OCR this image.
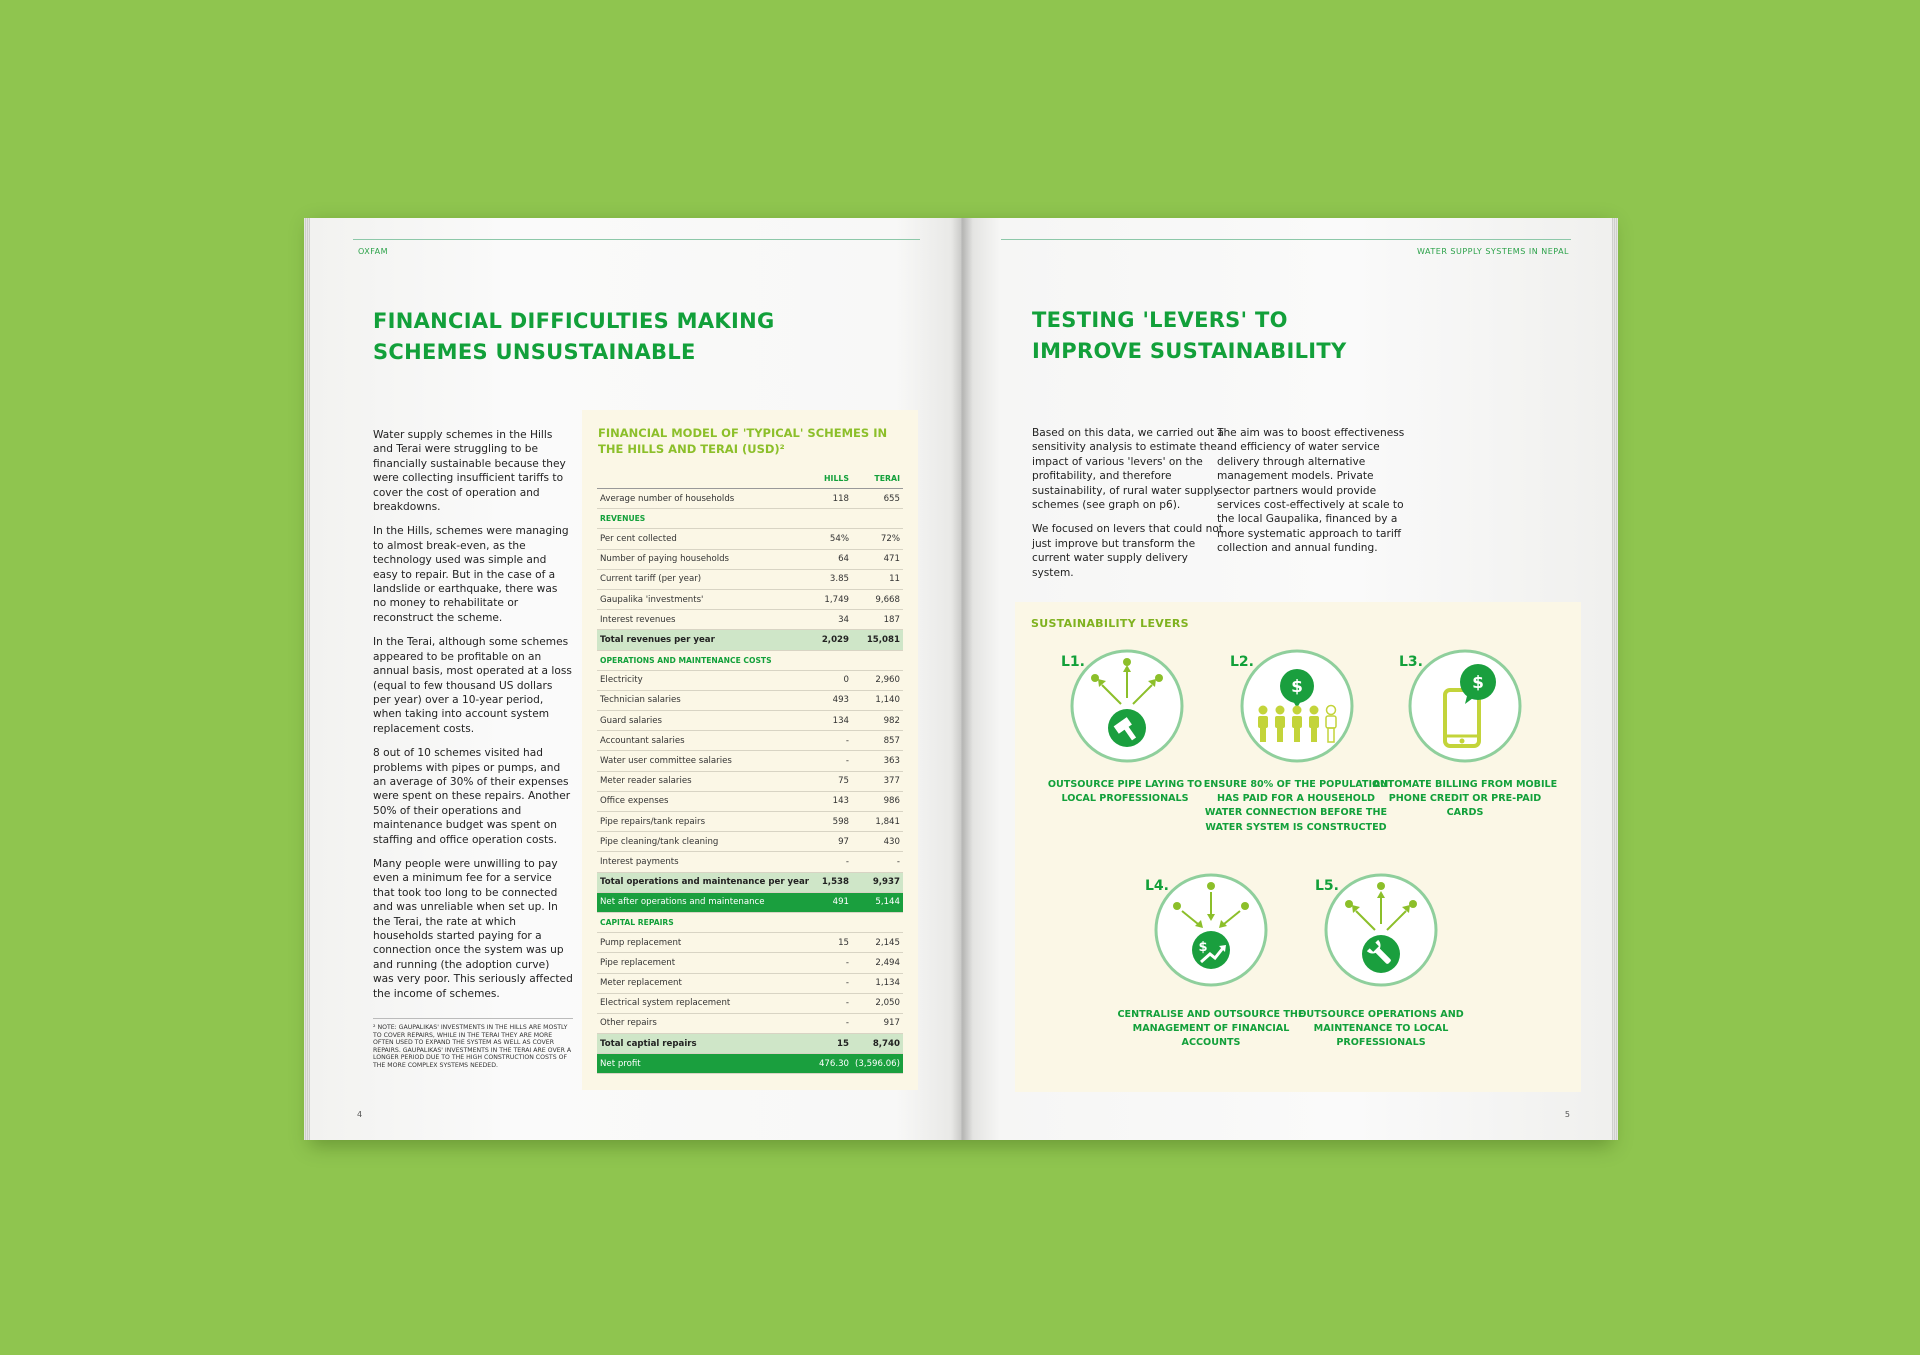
OXFAM
FINANCIAL DIFFICULTIES MAKING
SCHEMES UNSUSTAINABLE

Water supply schemes in the Hills and Terai were struggling to be financially sustainable because they were collecting insufficient tariffs to cover the cost of operation and breakdowns.

In the Hills, schemes were managing to almost break-even, as the technology used was simple and easy to repair. But in the case of a landslide or earthquake, there was no money to rehabilitate or reconstruct the scheme.

In the Terai, although some schemes appeared to be profitable on an annual basis, most operated at a loss (equal to few thousand US dollars per year) over a 10-year period, when taking into account system replacement costs.

8 out of 10 schemes visited had problems with pipes or pumps, and an average of 30% of their expenses were spent on these repairs. Another 50% of their operations and maintenance budget was spent on staffing and office operation costs.

Many people were unwilling to pay even a minimum fee for a service that took too long to be connected and was unreliable when set up. In the Terai, the rate at which households started paying for a connection once the system was up and running (the adoption curve) was very poor. This seriously affected the income of schemes.

² NOTE: GAUPALIKAS' INVESTMENTS IN THE HILLS ARE MOSTLY TO COVER REPAIRS, WHILE IN THE TERAI THEY ARE MORE OFTEN USED TO EXPAND THE SYSTEM AS WELL AS COVER REPAIRS. GAUPALIKAS' INVESTMENTS IN THE TERAI ARE OVER A LONGER PERIOD DUE TO THE HIGH CONSTRUCTION COSTS OF THE MORE COMPLEX SYSTEMS NEEDED.
FINANCIAL MODEL OF 'TYPICAL' SCHEMES IN THE HILLS AND TERAI (USD)²
	HILLS	TERAI
Average number of households	118	655
REVENUES		
Per cent collected	54%	72%
Number of paying households	64	471
Current tariff (per year)	3.85	11
Gaupalika 'investments'	1,749	9,668
Interest revenues	34	187
Total revenues per year	2,029	15,081
OPERATIONS AND MAINTENANCE COSTS		
Electricity	0	2,960
Technician salaries	493	1,140
Guard salaries	134	982
Accountant salaries	-	857
Water user committee salaries	-	363
Meter reader salaries	75	377
Office expenses	143	986
Pipe repairs/tank repairs	598	1,841
Pipe cleaning/tank cleaning	97	430
Interest payments	-	-
Total operations and maintenance per year	1,538	9,937
Net after operations and maintenance	491	5,144
CAPITAL REPAIRS		
Pump replacement	15	2,145
Pipe replacement	-	2,494
Meter replacement	-	1,134
Electrical system replacement	-	2,050
Other repairs	-	917
Total captial repairs	15	8,740
Net profit	476.30	(3,596.06)
4
WATER SUPPLY SYSTEMS IN NEPAL
TESTING 'LEVERS' TO
IMPROVE SUSTAINABILITY

Based on this data, we carried out a sensitivity analysis to estimate the impact of various 'levers' on the profitability, and therefore sustainability, of rural water supply schemes (see graph on p6).

We focused on levers that could not just improve but transform the current water supply delivery system.

The aim was to boost effectiveness and efficiency of water service delivery through alternative management models. Private sector partners would provide services cost-effectively at scale to the local Gaupalika, financed by a more systematic approach to tariff collection and annual funding.

SUSTAINABILITY LEVERS
L1.
OUTSOURCE PIPE LAYING TO LOCAL PROFESSIONALS
L2.
$
ENSURE 80% OF THE POPULATION HAS PAID FOR A HOUSEHOLD WATER CONNECTION BEFORE THE WATER SYSTEM IS CONSTRUCTED
L3.
$
AUTOMATE BILLING FROM MOBILE PHONE CREDIT OR PRE-PAID CARDS
L4.
$
CENTRALISE AND OUTSOURCE THE MANAGEMENT OF FINANCIAL ACCOUNTS
L5.
OUTSOURCE OPERATIONS AND MAINTENANCE TO LOCAL PROFESSIONALS
5
